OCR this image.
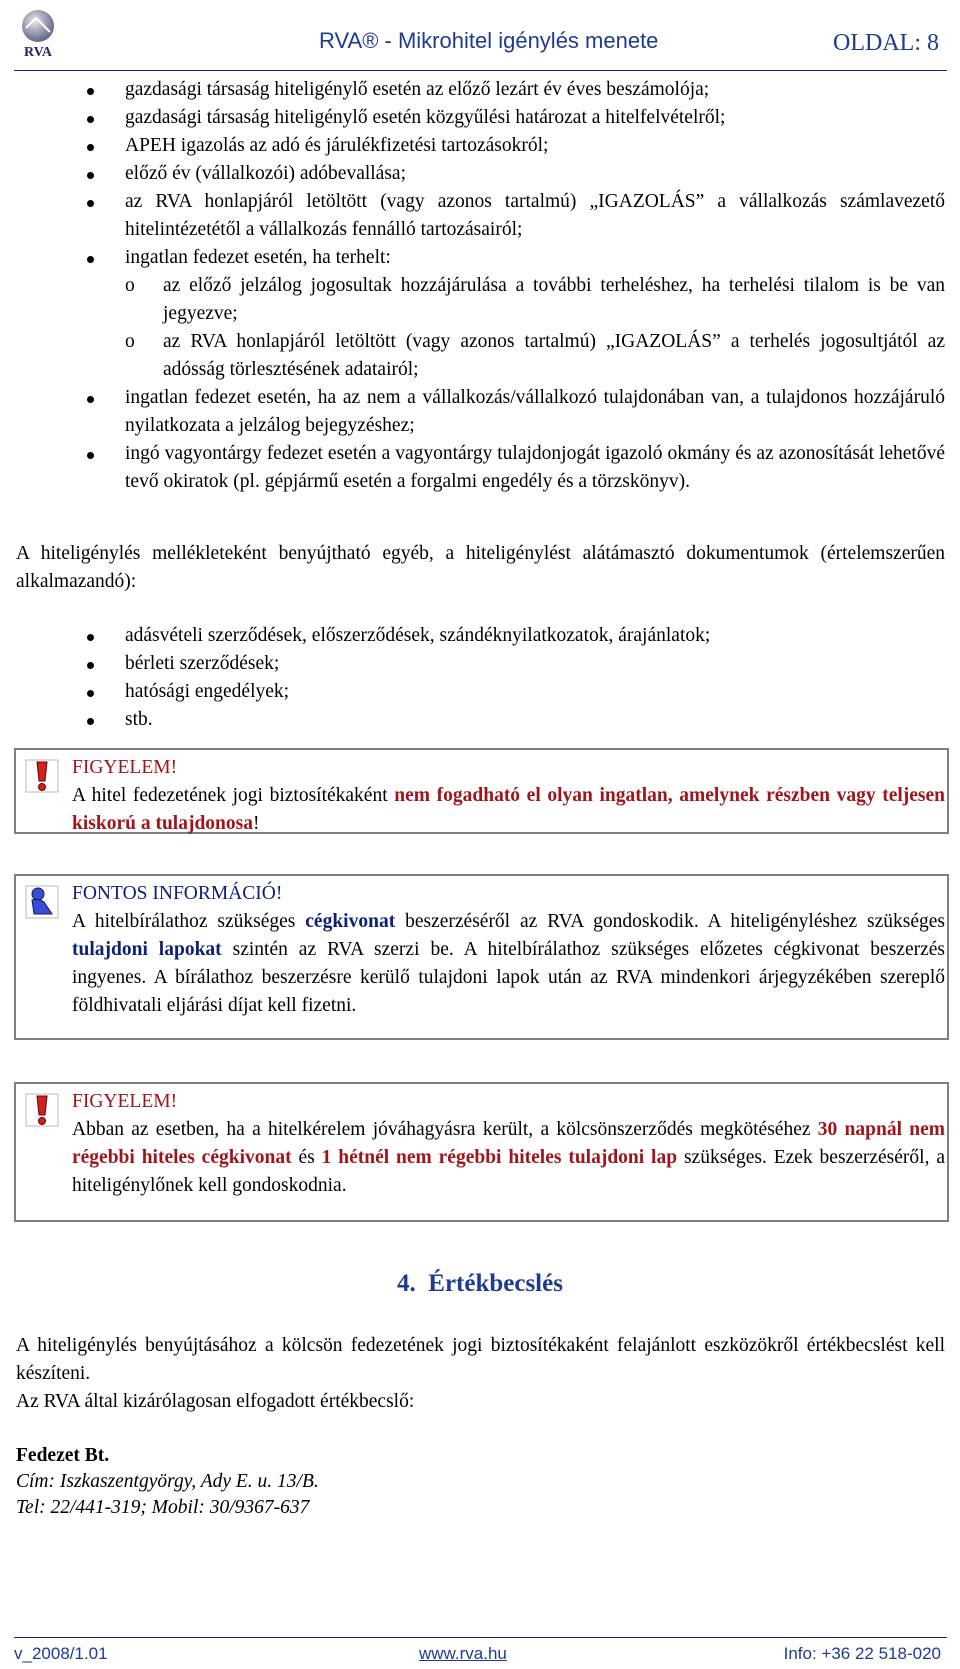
RVA	RVA® - Mikrohitel igénylés menete	OLDAL: 8
gazdasági társaság hiteligénylő esetén az előző lezárt év éves beszámolója;
gazdasági társaság hiteligénylő esetén közgyűlési határozat a hitelfelvételről;
APEH igazolás az adó és járulékfizetési tartozásokról;
előző év (vállalkozói) adóbevallása;
az RVA honlapjáról letöltött (vagy azonos tartalmú) „IGAZOLÁS” a vállalkozás számlavezető hitelintézetétől a vállalkozás fennálló tartozásairól;
ingatlan fedezet esetén, ha terhelt:
o az előző jelzálog jogosultak hozzájárulása a további terheléshez, ha terhelési tilalom is be van jegyezve;
o az RVA honlapjáról letöltött (vagy azonos tartalmú) „IGAZOLÁS” a terhelés jogosultjától az adósság törlesztésének adatairól;
ingatlan fedezet esetén, ha az nem a vállalkozás/vállalkozó tulajdonában van, a tulajdonos hozzájáruló nyilatkozata a jelzálog bejegyzéshez;
ingó vagyontárgy fedezet esetén a vagyontárgy tulajdonjogát igazoló okmány és az azonosítását lehetővé tevő okiratok (pl. gépjármű esetén a forgalmi engedély és a törzskönyv).

A hiteligénylés mellékleteként benyújtható egyéb, a hiteligénylést alátámasztó dokumentumok (értelemszerűen alkalmazandó):

adásvételi szerződések, előszerződések, szándéknyilatkozatok, árajánlatok;
bérleti szerződések;
hatósági engedélyek;
stb.
FIGYELEM!
A hitel fedezetének jogi biztosítékaként nem fogadható el olyan ingatlan, amelynek részben vagy teljesen kiskorú a tulajdonosa!
FONTOS INFORMÁCIÓ!
A hitelbírálathoz szükséges cégkivonat beszerzéséről az RVA gondoskodik. A hiteligényléshez szükséges tulajdoni lapokat szintén az RVA szerzi be. A hitelbírálathoz szükséges előzetes cégkivonat beszerzés ingyenes. A bírálathoz beszerzésre kerülő tulajdoni lapok után az RVA mindenkori árjegyzékében szereplő földhivatali eljárási díjat kell fizetni.
FIGYELEM!
Abban az esetben, ha a hitelkérelem jóváhagyásra került, a kölcsönszerződés megkötéséhez 30 napnál nem régebbi hiteles cégkivonat és 1 hétnél nem régebbi hiteles tulajdoni lap szükséges. Ezek beszerzéséről, a hiteligénylőnek kell gondoskodnia.
4. Értékbecslés

A hiteligénylés benyújtásához a kölcsön fedezetének jogi biztosítékaként felajánlott eszközökről értékbecslést kell készíteni.

Az RVA által kizárólagosan elfogadott értékbecslő:

Fedezet Bt.
Cím: Iszkaszentgyörgy, Ady E. u. 13/B.
Tel: 22/441-319; Mobil: 30/9367-637
v_2008/1.01	www.rva.hu	Info: +36 22 518-020
